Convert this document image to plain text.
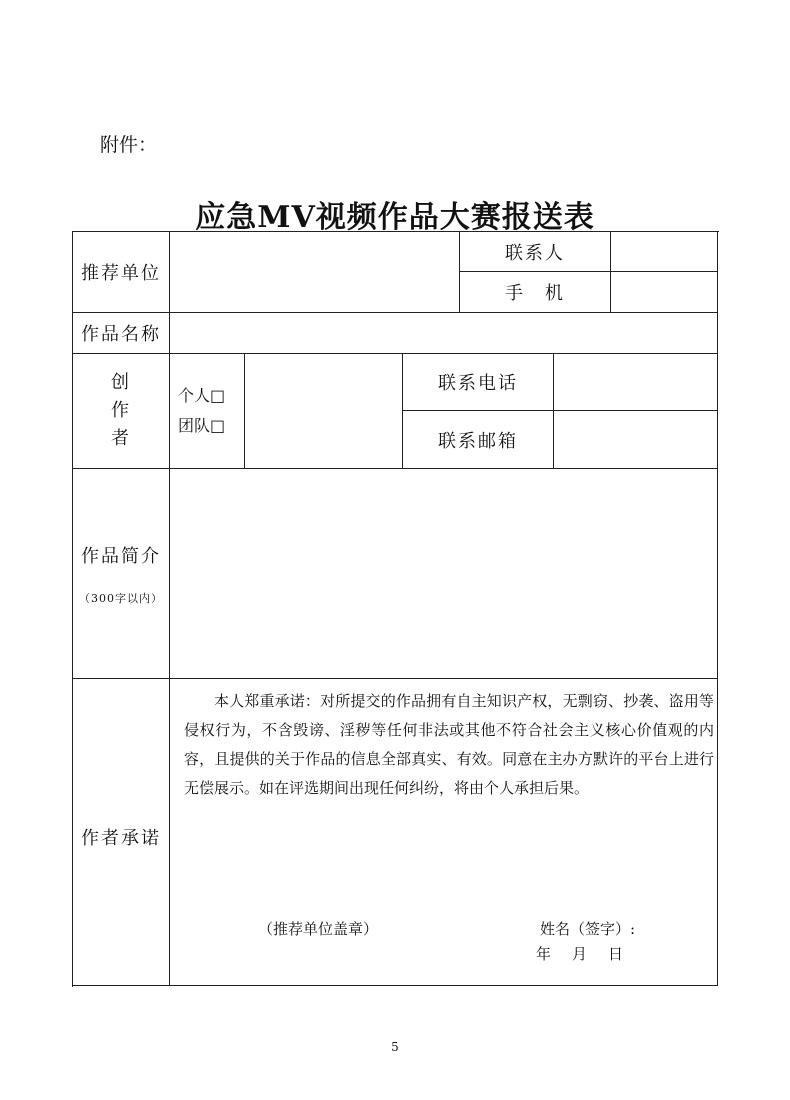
附件：
应急MV视频作品大赛报送表
推荐单位
联系人
手　机
作品名称
创
作
者
个人□
团队□
联系电话
联系邮箱
作品简介
（300字以内）
作者承诺
本人郑重承诺：对所提交的作品拥有自主知识产权，无剽窃、抄袭、盗用等侵权行为，不含毁谤、淫秽等任何非法或其他不符合社会主义核心价值观的内容，且提供的关于作品的信息全部真实、有效。同意在主办方默许的平台上进行无偿展示。如在评选期间出现任何纠纷，将由个人承担后果。
（推荐单位盖章）	姓名（签字）:
年　月　日
5
